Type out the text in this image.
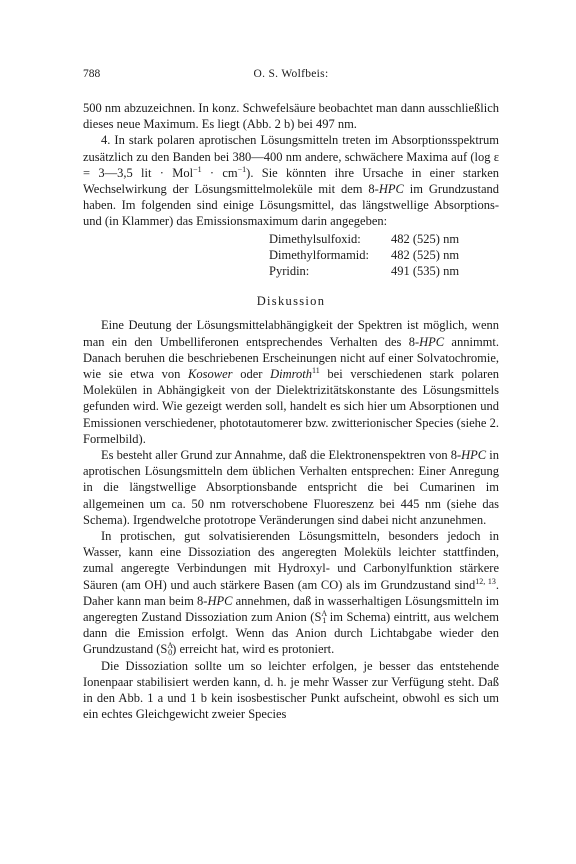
788	O. S. Wolfbeis:

500 nm abzuzeichnen. In konz. Schwefelsäure beobachtet man dann ausschließlich dieses neue Maximum. Es liegt (Abb. 2 b) bei 497 nm.

4. In stark polaren aprotischen Lösungsmitteln treten im Absorptionsspektrum zusätzlich zu den Banden bei 380—400 nm andere, schwächere Maxima auf (log ε = 3—3,5 lit · $Mol^{-1} \cdot cm^{-1}$). Sie könnten ihre Ursache in einer starken Wechselwirkung der Lösungsmittelmoleküle mit dem 8-HPC im Grundzustand haben. Im folgenden sind einige Lösungsmittel, das längstwellige Absorptions- und (in Klammer) das Emissionsmaximum darin angegeben:

Dimethylsulfoxid:	482 (525) nm
Dimethylformamid:	482 (525) nm
Pyridin:	491 (535) nm
Diskussion

Eine Deutung der Lösungsmittelabhängigkeit der Spektren ist möglich, wenn man ein den Umbelliferonen entsprechendes Verhalten des 8-HPC annimmt. Danach beruhen die beschriebenen Erscheinungen nicht auf einer Solvatochromie, wie sie etwa von Kosower oder Dimroth$^{11}$ bei verschiedenen stark polaren Molekülen in Abhängigkeit von der Dielektrizitätskonstante des Lösungsmittels gefunden wird. Wie gezeigt werden soll, handelt es sich hier um Absorptionen und Emissionen verschiedener, phototautomerer bzw. zwitterionischer Species (siehe 2. Formelbild).

Es besteht aller Grund zur Annahme, daß die Elektronenspektren von 8-HPC in aprotischen Lösungsmitteln dem üblichen Verhalten entsprechen: Einer Anregung in die längstwellige Absorptionsbande entspricht die bei Cumarinen im allgemeinen um ca. 50 nm rotverschobene Fluoreszenz bei 445 nm (siehe das Schema). Irgendwelche prototrope Veränderungen sind dabei nicht anzunehmen.

In protischen, gut solvatisierenden Lösungsmitteln, besonders jedoch in Wasser, kann eine Dissoziation des angeregten Moleküls leichter stattfinden, zumal angeregte Verbindungen mit Hydroxyl- und Carbonylfunktion stärkere Säuren (am OH) und auch stärkere Basen (am CO) als im Grundzustand sind$^{12, 13}$. Daher kann man beim 8-HPC annehmen, daß in wasserhaltigen Lösungsmitteln im angeregten Zustand Dissoziation zum Anion ($S^A_1$ im Schema) eintritt, aus welchem dann die Emission erfolgt. Wenn das Anion durch Lichtabgabe wieder den Grundzustand $(S^A_0)$ erreicht hat, wird es protoniert.

Die Dissoziation sollte um so leichter erfolgen, je besser das entstehende Ionenpaar stabilisiert werden kann, d. h. je mehr Wasser zur Verfügung steht. Daß in den Abb. 1 a und 1 b kein isosbestischer Punkt aufscheint, obwohl es sich um ein echtes Gleichgewicht zweier Species
